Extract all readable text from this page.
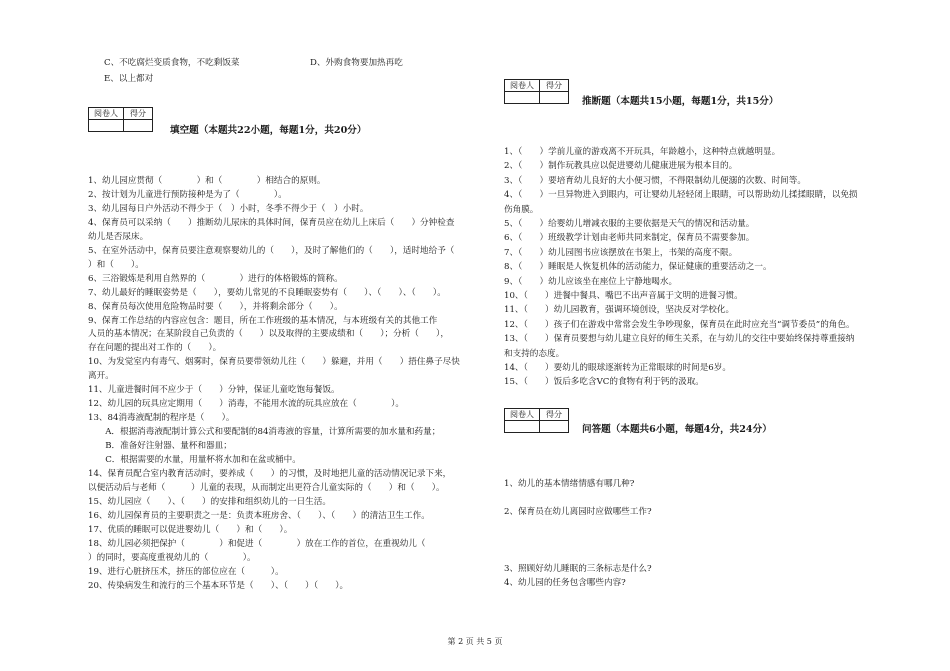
C、不吃腐烂变质食物，不吃剩饭菜	D、外购食物要加热再吃
E、以上都对
阅卷人	得分

填空题（本题共22小题，每题1分，共20分）
1、幼儿园应贯彻（　　　　）和（　　　　）相结合的原则。
2、按计划为儿童进行预防接种是为了（　　　　）。
3、幼儿园每日户外活动不得少于（　）小时，冬季不得少于（　）小时。
4、保育员可以采纳（　　）推断幼儿尿床的具体时间，保育员应在幼儿上床后（　　）分钟检查
幼儿是否尿床。
5、在室外活动中，保育员要注意观察婴幼儿的（　　），及时了解他们的（　　），适时地给予（
）和（　　）。
6、三浴锻炼是利用自然界的（　　　　）进行的体格锻炼的简称。
7、幼儿最好的睡眠姿势是（　　），要幼儿常见的不良睡眠姿势有（　　）、（　　）、（　　）。
8、保育员每次使用危险物品时要（　　），并将剩余部分（　　）。
9、保育工作总结的内容应包含：题目，所在工作班级的基本情况，与本班级有关的其他工作
人员的基本情况；在某阶段自己负责的（　　）以及取得的主要成绩和（　　）；分析（　　），
存在问题的提出对工作的（　　）。
10、为发觉室内有毒气、烟雾时，保育员要带领幼儿往（　　）躲避，并用（　　）捂住鼻子尽快
离开。
11、儿童进餐时间不应少于（　　）分钟，保证儿童吃饱每餐饭。
12、幼儿园的玩具应定期用（　　）消毒，不能用水流的玩具应放在（　　　　）。
13、84消毒液配制的程序是（　　）。
　　A．根据消毒液配制计算公式和要配制的84消毒液的容量，计算所需要的加水量和药量；
　　B．准备好注射器、量杯和器皿；
　　C．根据需要的水量，用量杯将水加和在盆或桶中。
14、保育员配合室内教育活动时，要养成（　　）的习惯，及时地把儿童的活动情况记录下来，
以便活动后与老师（　　　）儿童的表现，从而制定出更符合儿童实际的（　　）和（　　）。
15、幼儿园应（　　）、（　　）的安排和组织幼儿的一日生活。
16、幼儿园保育员的主要职责之一是：负责本班房舍、（　　）、（　　）的清洁卫生工作。
17、优质的睡眠可以促进婴幼儿（　　）和（　　）。
18、幼儿园必须把保护（　　　　）和促进（　　　　）放在工作的首位，在重视幼儿（
）的同时，要高度重视幼儿的（　　　　）。
19、进行心脏挤压术，挤压的部位应在（　　　）。
20、传染病发生和流行的三个基本环节是（　　）、（　　）（　　）。
阅卷人	得分

推断题（本题共15小题，每题1分，共15分）
1、（　　）学前儿童的游戏离不开玩具，年龄越小，这种特点就越明显。
2、（　　）制作玩教具应以促进婴幼儿健康进展为根本目的。
3、（　　）要培育幼儿良好的大小便习惯，不得限制幼儿便溺的次数、时间等。
4、（　　）一旦异物进入到眼内，可让婴幼儿轻轻闭上眼睛，可以帮助幼儿揉揉眼睛，以免损
伤角膜。
5、（　　）给婴幼儿增减衣服的主要依据是天气的情况和活动量。
6、（　　）班级教学计划由老师共同来制定，保育员不需要参加。
7、（　　）幼儿园图书应该摆放在书架上，书架的高度不限。
8、（　　）睡眠是人恢复机体的活动能力，保证健康的重要活动之一。
9、（　　）幼儿应该坐在座位上宁静地喝水。
10、（　　）进餐中餐具、嘴巴不出声音属于文明的进餐习惯。
11、（　　）幼儿园教育，强调环境创设，坚决反对学校化。
12、（　　）孩子们在游戏中常常会发生争吵现象，保育员在此时应充当“调节委员”的角色。
13、（　　）保育员要想与幼儿建立良好的师生关系，在与幼儿的交往中要始终保持尊重接纳
和支持的态度。
14、（　　）要幼儿的眼球逐渐转为正常眼球的时间是6岁。
15、（　　）饭后多吃含VC的食物有利于钙的汲取。
阅卷人	得分

问答题（本题共6小题，每题4分，共24分）
1、幼儿的基本情绪情感有哪几种?
2、保育员在幼儿离园时应做哪些工作?
3、照顾好幼儿睡眠的三条标志是什么?
4、幼儿园的任务包含哪些内容?
第 2 页 共 5 页
